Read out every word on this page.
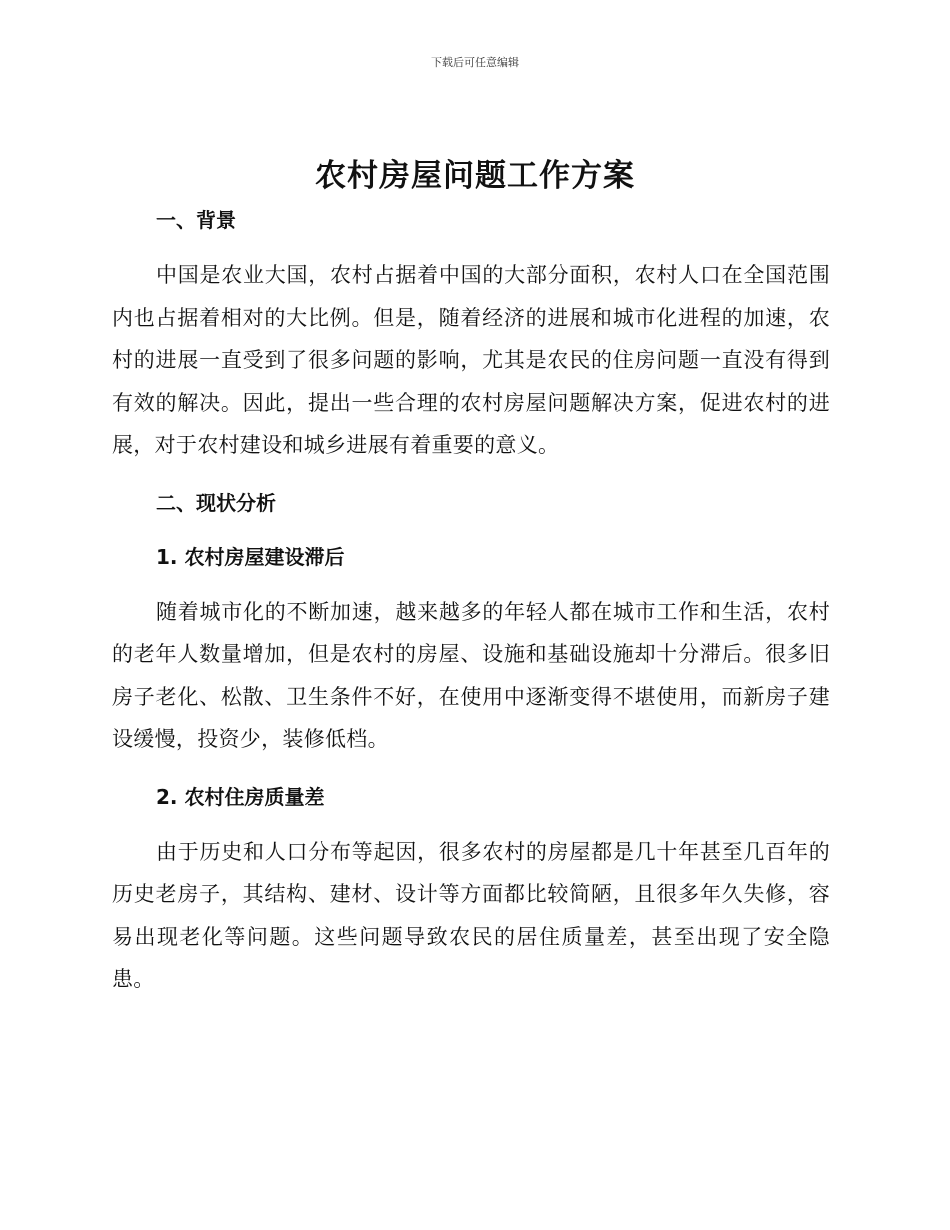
下载后可任意编辑
农村房屋问题工作方案
一、背景

中国是农业大国，农村占据着中国的大部分面积，农村人口在全国范围内也占据着相对的大比例。但是，随着经济的进展和城市化进程的加速，农村的进展一直受到了很多问题的影响，尤其是农民的住房问题一直没有得到有效的解决。因此，提出一些合理的农村房屋问题解决方案，促进农村的进展，对于农村建设和城乡进展有着重要的意义。

二、现状分析
1. 农村房屋建设滞后

随着城市化的不断加速，越来越多的年轻人都在城市工作和生活，农村的老年人数量增加，但是农村的房屋、设施和基础设施却十分滞后。很多旧房子老化、松散、卫生条件不好，在使用中逐渐变得不堪使用，而新房子建设缓慢，投资少，装修低档。

2. 农村住房质量差

由于历史和人口分布等起因，很多农村的房屋都是几十年甚至几百年的历史老房子，其结构、建材、设计等方面都比较简陋，且很多年久失修，容易出现老化等问题。这些问题导致农民的居住质量差，甚至出现了安全隐患。
